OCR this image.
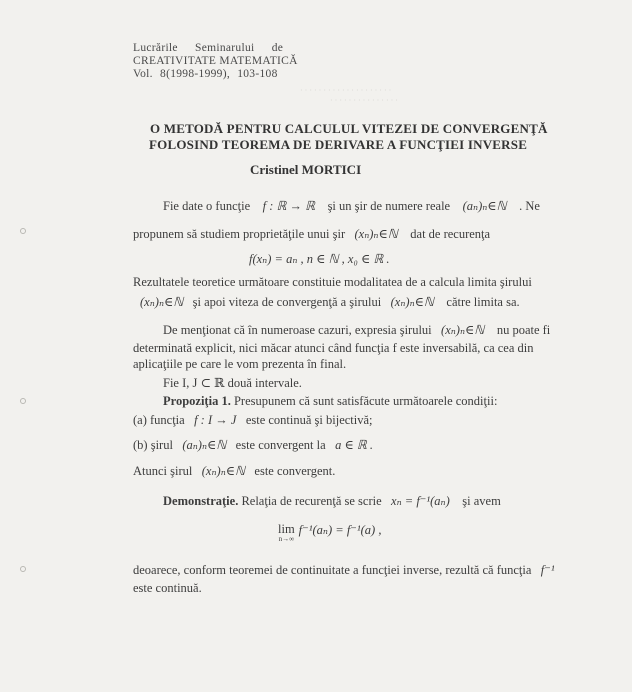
· · · · · · · · · · · · · · · · · · · ·
· · · · · · · · · · · · · · ·
Lucrările Seminarului de
CREATIVITATE MATEMATICĂ
Vol. 8(1998-1999), 103-108
O METODĂ PENTRU CALCULUL VITEZEI DE CONVERGENŢĂ
FOLOSIND TEOREMA DE DERIVARE A FUNCŢIEI INVERSE
Cristinel MORTICI
Fie date o funcţie f : ℝ → ℝ şi un şir de numere reale (aₙ)ₙ∈ℕ . Ne
propunem să studiem proprietăţile unui şir (xₙ)ₙ∈ℕ dat de recurenţa
f(xₙ) = aₙ , n ∈ ℕ , x₀ ∈ ℝ .
Rezultatele teoretice următoare constituie modalitatea de a calcula limita şirului
(xₙ)ₙ∈ℕ şi apoi viteza de convergenţă a şirului (xₙ)ₙ∈ℕ către limita sa.
De menţionat că în numeroase cazuri, expresia şirului (xₙ)ₙ∈ℕ nu poate fi
determinată explicit, nici măcar atunci când funcţia f este inversabilă, ca cea din
aplicaţiile pe care le vom prezenta în final.
Fie I, J ⊂ ℝ două intervale.
Propoziţia 1. Presupunem că sunt satisfăcute următoarele condiţii:
(a) funcţia f : I → J este continuă şi bijectivă;
(b) şirul (aₙ)ₙ∈ℕ este convergent la a ∈ ℝ .
Atunci şirul (xₙ)ₙ∈ℕ este convergent.
Demonstraţie. Relaţia de recurenţă se scrie xₙ = f⁻¹(aₙ) şi avem
lim
n→∞
$^{f^{-1}(a_n) = f^{-1}(a) ,}$
deoarece, conform teoremei de continuitate a funcţiei inverse, rezultă că funcţia f⁻¹
este continuă.
